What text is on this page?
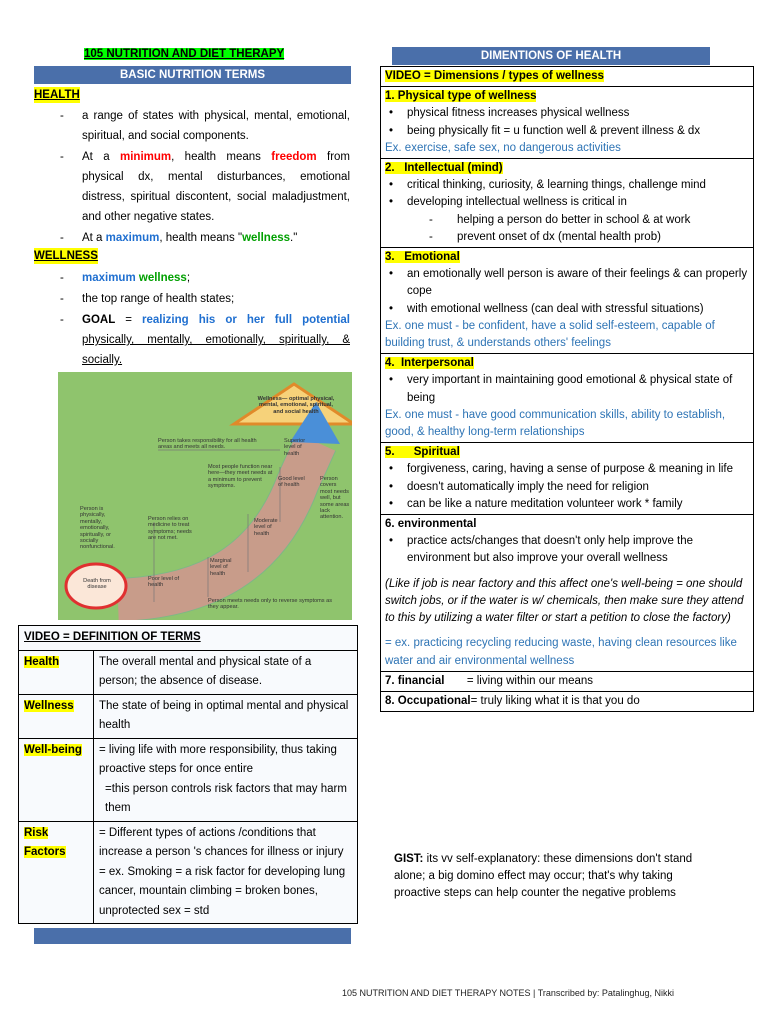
105 NUTRITION AND DIET THERAPY
BASIC NUTRITION TERMS
HEALTH
- a range of states with physical, mental, emotional, spiritual, and social components.
- At a minimum, health means freedom from physical dx, mental disturbances, emotional distress, spiritual discontent, social maladjustment, and other negative states.
- At a maximum, health means "wellness."
WELLNESS
- maximum wellness;
- the top range of health states;
- GOAL = realizing his or her full potential physically, mentally, emotionally, spiritually, & socially.
Wellness— optimal physical, mental, emotional, spiritual, and social health
Superior level of health
Good level of health
Moderate level of health
Marginal level of health
Poor level of health
Death from disease
Person takes responsibility for all health areas and meets all needs.
Most people function near here—they meet needs at a minimum to prevent symptoms.
Person covers most needs well, but some areas lack attention.
Person is physically, mentally, emotionally, spiritually, or socially nonfunctional.
Person relies on medicine to treat symptoms; needs are not met.
Person meets needs only to reverse symptoms as they appear.
VIDEO = DEFINITION OF TERMS	
Health	The overall mental and physical state of a person; the absence of disease.
Wellness	The state of being in optimal mental and physical health
Well-being	= living life with more responsibility, thus taking proactive steps for once entire
=this person controls risk factors that may harm them

Risk Factors	= Different types of actions /conditions that increase a person 's chances for illness or injury
= ex. Smoking = a risk factor for developing lung cancer, mountain climbing = broken bones, unprotected sex = std
DIMENTIONS OF HEALTH
VIDEO = Dimensions / types of wellness
1. Physical type of wellness
• physical fitness increases physical wellness
• being physically fit = u function well & prevent illness & dx
Ex. exercise, safe sex, no dangerous activities
2. Intellectual (mind)
• critical thinking, curiosity, & learning things, challenge mind
• developing intellectual wellness is critical in
- helping a person do better in school & at work
- prevent onset of dx (mental health prob)
3. Emotional
• an emotionally well person is aware of their feelings & can properly cope
• with emotional wellness (can deal with stressful situations)
Ex. one must - be confident, have a solid self-esteem, capable of building trust, & understands others' feelings
4. Interpersonal
• very important in maintaining good emotional & physical state of being
Ex. one must - have good communication skills, ability to establish, good, & healthy long-term relationships
5. Spiritual
• forgiveness, caring, having a sense of purpose & meaning in life
• doesn't automatically imply the need for religion
• can be like a nature meditation volunteer work * family
6. environmental
• practice acts/changes that doesn't only help improve the environment but also improve your overall wellness
(Like if job is near factory and this affect one's well-being = one should switch jobs, or if the water is w/ chemicals, then make sure they attend to this by utilizing a water filter or start a petition to close the factory)
= ex. practicing recycling reducing waste, having clean resources like water and air environmental wellness
7. financial = living within our means
8. Occupational= truly liking what it is that you do
GIST: its vv self-explanatory: these dimensions don't stand alone; a big domino effect may occur; that's why taking proactive steps can help counter the negative problems
105 NUTRITION AND DIET THERAPY NOTES | Transcribed by: Patalinghug, Nikki
